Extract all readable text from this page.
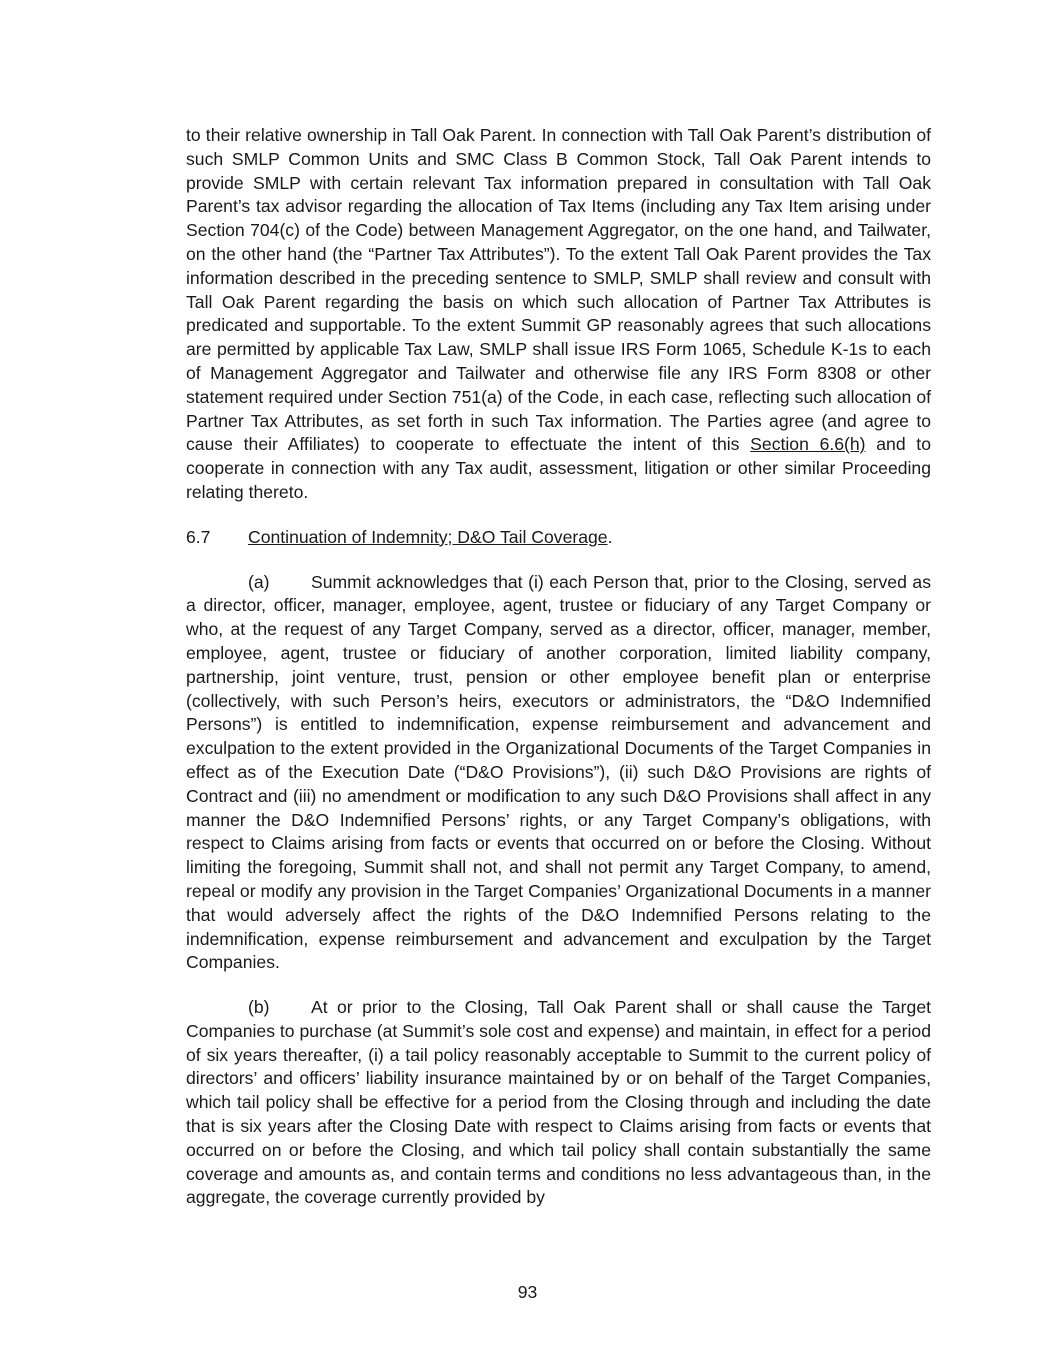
to their relative ownership in Tall Oak Parent. In connection with Tall Oak Parent’s distribution of such SMLP Common Units and SMC Class B Common Stock, Tall Oak Parent intends to provide SMLP with certain relevant Tax information prepared in consultation with Tall Oak Parent’s tax advisor regarding the allocation of Tax Items (including any Tax Item arising under Section 704(c) of the Code) between Management Aggregator, on the one hand, and Tailwater, on the other hand (the “Partner Tax Attributes”). To the extent Tall Oak Parent provides the Tax information described in the preceding sentence to SMLP, SMLP shall review and consult with Tall Oak Parent regarding the basis on which such allocation of Partner Tax Attributes is predicated and supportable. To the extent Summit GP reasonably agrees that such allocations are permitted by applicable Tax Law, SMLP shall issue IRS Form 1065, Schedule K-1s to each of Management Aggregator and Tailwater and otherwise file any IRS Form 8308 or other statement required under Section 751(a) of the Code, in each case, reflecting such allocation of Partner Tax Attributes, as set forth in such Tax information. The Parties agree (and agree to cause their Affiliates) to cooperate to effectuate the intent of this Section 6.6(h) and to cooperate in connection with any Tax audit, assessment, litigation or other similar Proceeding relating thereto.

6.7	Continuation of Indemnity; D&O Tail Coverage.

(a) Summit acknowledges that (i) each Person that, prior to the Closing, served as a director, officer, manager, employee, agent, trustee or fiduciary of any Target Company or who, at the request of any Target Company, served as a director, officer, manager, member, employee, agent, trustee or fiduciary of another corporation, limited liability company, partnership, joint venture, trust, pension or other employee benefit plan or enterprise (collectively, with such Person’s heirs, executors or administrators, the “D&O Indemnified Persons”) is entitled to indemnification, expense reimbursement and advancement and exculpation to the extent provided in the Organizational Documents of the Target Companies in effect as of the Execution Date (“D&O Provisions”), (ii) such D&O Provisions are rights of Contract and (iii) no amendment or modification to any such D&O Provisions shall affect in any manner the D&O Indemnified Persons’ rights, or any Target Company’s obligations, with respect to Claims arising from facts or events that occurred on or before the Closing. Without limiting the foregoing, Summit shall not, and shall not permit any Target Company, to amend, repeal or modify any provision in the Target Companies’ Organizational Documents in a manner that would adversely affect the rights of the D&O Indemnified Persons relating to the indemnification, expense reimbursement and advancement and exculpation by the Target Companies.

(b) At or prior to the Closing, Tall Oak Parent shall or shall cause the Target Companies to purchase (at Summit’s sole cost and expense) and maintain, in effect for a period of six years thereafter, (i) a tail policy reasonably acceptable to Summit to the current policy of directors’ and officers’ liability insurance maintained by or on behalf of the Target Companies, which tail policy shall be effective for a period from the Closing through and including the date that is six years after the Closing Date with respect to Claims arising from facts or events that occurred on or before the Closing, and which tail policy shall contain substantially the same coverage and amounts as, and contain terms and conditions no less advantageous than, in the aggregate, the coverage currently provided by

93
